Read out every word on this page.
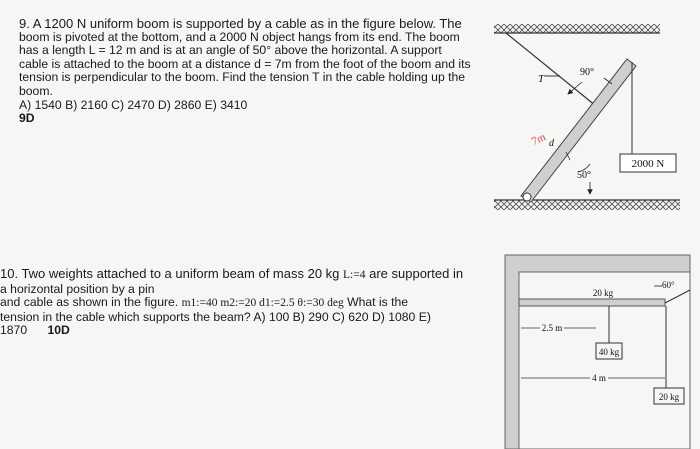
9. A 1200 N uniform boom is supported by a cable as in the figure below. The
boom is pivoted at the bottom, and a 2000 N object hangs from its end. The boom
has a length L = 12 m and is at an angle of 50° above the horizontal. A support
cable is attached to the boom at a distance d = 7m from the foot of the boom and its
tension is perpendicular to the boom. Find the tension T in the cable holding up the
boom.
A) 1540 B) 2160 C) 2470 D) 2860 E) 3410
9D
10. Two weights attached to a uniform beam of mass 20 kg L:=4 are supported in
a horizontal position by a pin
and cable as shown in the figure. m1:=40 m2:=20 d1:=2.5 θ:=30 deg What is the
tension in the cable which supports the beam? A) 100 B) 290 C) 620 D) 1080 E)
1870 10D
2000 N
T
90°
7m d
50°
60°
20 kg
2.5 m
40 kg
4 m
20 kg
